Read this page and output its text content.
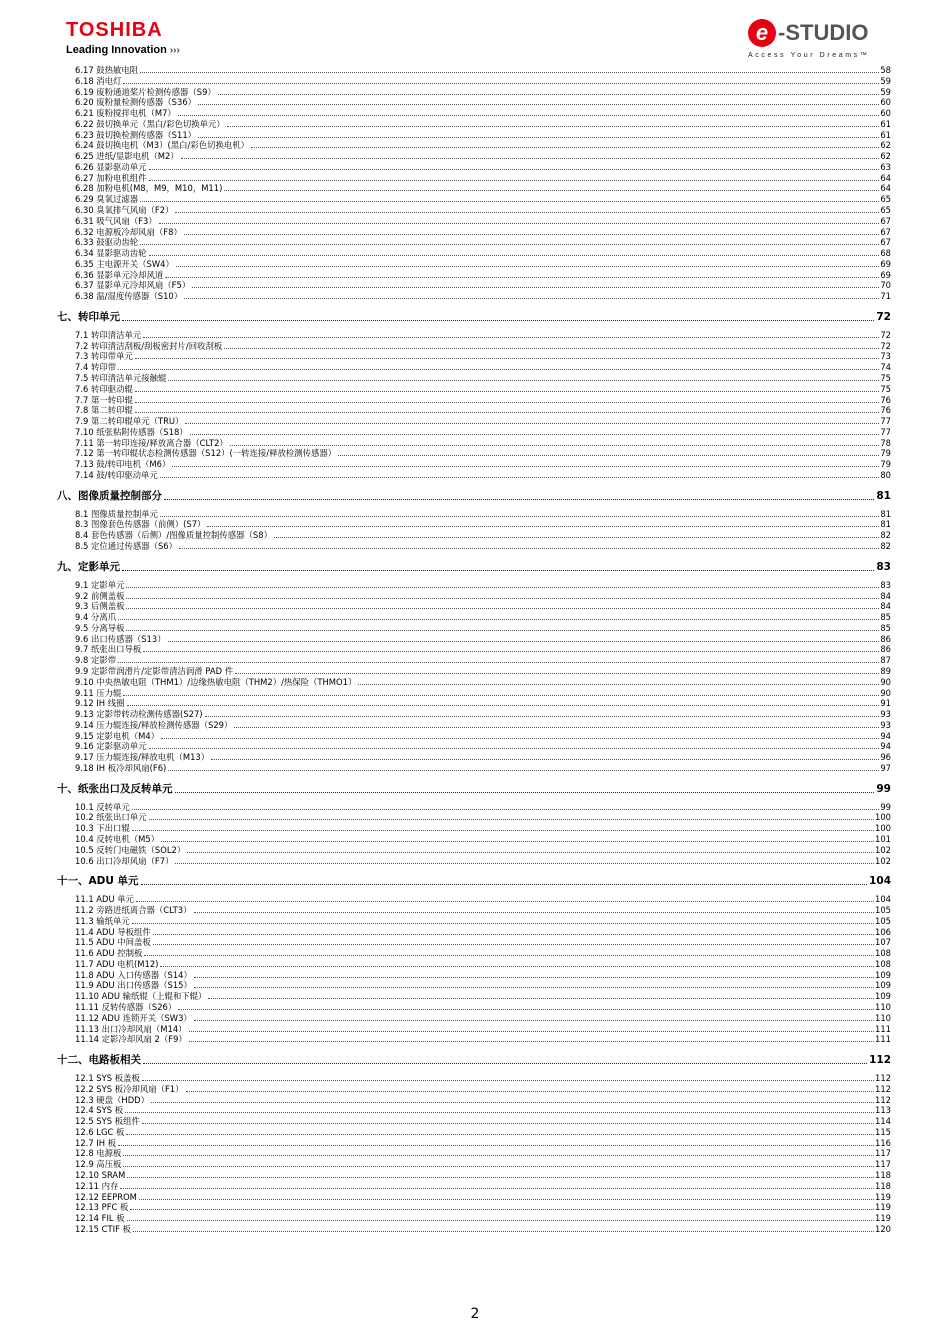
TOSHIBA
Leading Innovation ›››
e -STUDIO
Access Your Dreams™
6.17 鼓热敏电阻	58
6.18 消电灯	59
6.19 废粉通道桨片检测传感器（S9）	59
6.20 废粉量检测传感器（S36）	60
6.21 废粉搅拌电机（M7）	60
6.22 鼓切换单元（黑白/彩色切换单元）	61
6.23 鼓切换检测传感器（S11）	61
6.24 鼓切换电机（M3）(黑白/彩色切换电机）	62
6.25 进纸/显影电机（M2）	62
6.26 显影驱动单元	63
6.27 加粉电机组件	64
6.28 加粉电机(M8，M9，M10，M11)	64
6.29 臭氧过滤器	65
6.30 臭氧排气风扇（F2）	65
6.31 吸气风扇（F3）	67
6.32 电源板冷却风扇（F8）	67
6.33 鼓驱动齿轮	67
6.34 显影驱动齿轮	68
6.35 主电源开关（SW4）	69
6.36 显影单元冷却风道	69
6.37 显影单元冷却风扇（F5）	70
6.38 温/湿度传感器（S10）	71
七、转印单元	72
7.1 转印清洁单元	72
7.2 转印清洁刮板/刮板密封片/回收刮板	72
7.3 转印带单元	73
7.4 转印带	74
7.5 转印清洁单元接触辊	75
7.6 转印驱动辊	75
7.7 第一转印辊	76
7.8 第二转印辊	76
7.9 第二转印辊单元（TRU）	77
7.10 纸张粘附传感器（S18）	77
7.11 第一转印连接/释放离合器（CLT2）	78
7.12 第一转印辊状态检测传感器（S12）(一转连接/释放检测传感器）	79
7.13 鼓/转印电机（M6）	79
7.14 鼓/转印驱动单元	80
八、图像质量控制部分	81
8.1 图像质量控制单元	81
8.3 图像套色传感器（前侧）(S7）	81
8.4 套色传感器（后侧）/图像质量控制传感器（S8）	82
8.5 定位通过传感器（S6）	82
九、定影单元	83
9.1 定影单元	83
9.2 前侧盖板	84
9.3 后侧盖板	84
9.4 分离爪	85
9.5 分离导板	85
9.6 出口传感器（S13）	86
9.7 纸张出口导板	86
9.8 定影带	87
9.9 定影带润滑片/定影带清洁润滑 PAD 件	89
9.10 中央热敏电阻（THM1）/边缘热敏电阻（THM2）/热保险（THMO1）	90
9.11 压力辊	90
9.12 IH 线圈	91
9.13 定影带转动检测传感器(S27)	93
9.14 压力辊连接/释放检测传感器（S29）	93
9.15 定影电机（M4）	94
9.16 定影驱动单元	94
9.17 压力辊连接/释放电机（M13）	96
9.18 IH 板冷却风扇(F6)	97
十、纸张出口及反转单元	99
10.1 反转单元	99
10.2 纸张出口单元	100
10.3 下出口辊	100
10.4 反转电机（M5）	101
10.5 反转门电磁铁（SOL2）	102
10.6 出口冷却风扇（F7）	102
十一、ADU 单元	104
11.1 ADU 单元	104
11.2 旁路进纸离合器（CLT3）	105
11.3 输纸单元	105
11.4 ADU 导板组件	106
11.5 ADU 中间盖板	107
11.6 ADU 控制板	108
11.7 ADU 电机(M12)	108
11.8 ADU 入口传感器（S14）	109
11.9 ADU 出口传感器（S15）	109
11.10 ADU 输纸辊（上辊和下辊）	109
11.11 反转传感器（S26）	110
11.12 ADU 连锁开关（SW3）	110
11.13 出口冷却风扇（M14）	111
11.14 定影冷却风扇 2（F9）	111
十二、电路板相关	112
12.1 SYS 板盖板	112
12.2 SYS 板冷却风扇（F1）	112
12.3 硬盘（HDD）	112
12.4 SYS 板	113
12.5 SYS 板组件	114
12.6 LGC 板	115
12.7 IH 板	116
12.8 电源板	117
12.9 高压板	117
12.10 SRAM	118
12.11 内存	118
12.12 EEPROM	119
12.13 PFC 板	119
12.14 FIL 板	119
12.15 CTIF 板	120
2
